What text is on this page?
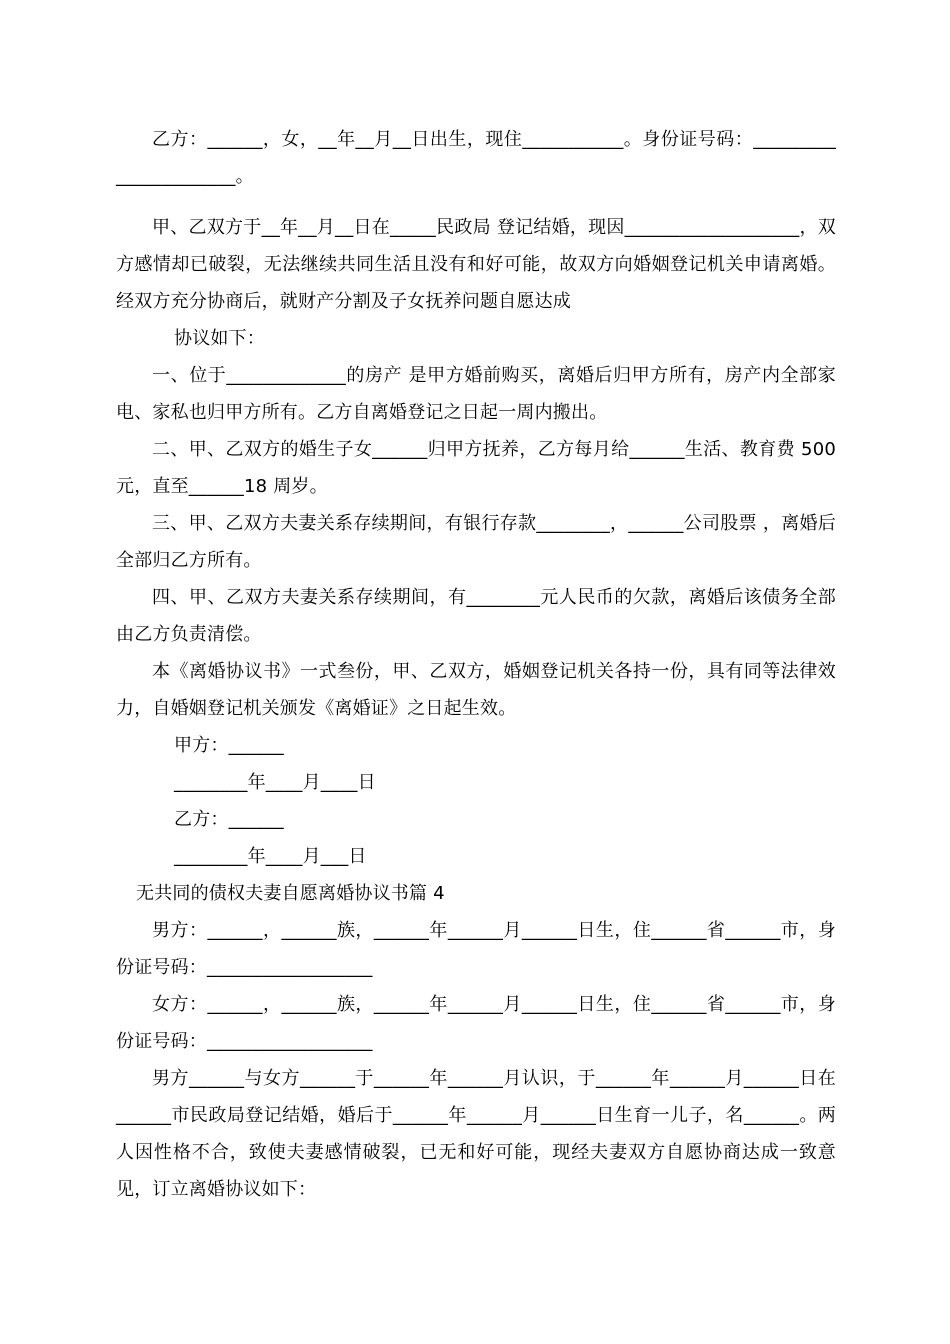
乙方：______，女，__年__月__日出生，现住___________。身份证号码：______________________。

甲、乙双方于__年__月__日在_____民政局 登记结婚，现因___________________，双方感情却已破裂，无法继续共同生活且没有和好可能，故双方向婚姻登记机关申请离婚。经双方充分协商后，就财产分割及子女抚养问题自愿达成

协议如下：

一、位于_____________的房产 是甲方婚前购买，离婚后归甲方所有，房产内全部家电、家私也归甲方所有。乙方自离婚登记之日起一周内搬出。

二、甲、乙双方的婚生子女______归甲方抚养，乙方每月给______生活、教育费 500 元，直至______18 周岁。

三、甲、乙双方夫妻关系存续期间，有银行存款________，______公司股票 ，离婚后全部归乙方所有。

四、甲、乙双方夫妻关系存续期间，有________元人民币的欠款，离婚后该债务全部由乙方负责清偿。

本《离婚协议书》一式叁份，甲、乙双方，婚姻登记机关各持一份，具有同等法律效力，自婚姻登记机关颁发《离婚证》之日起生效。

甲方：______

________年____月____日

乙方：______

________年____月___日

无共同的债权夫妻自愿离婚协议书篇 4

男方：______，______族，______年______月______日生，住______省______市，身份证号码：__________________

女方：______，______族，______年______月______日生，住______省______市，身份证号码：__________________

男方______与女方______于______年______月认识，于______年______月______日在______市民政局登记结婚，婚后于______年______月______日生育一儿子，名______。两人因性格不合，致使夫妻感情破裂，已无和好可能，现经夫妻双方自愿协商达成一致意见，订立离婚协议如下：
